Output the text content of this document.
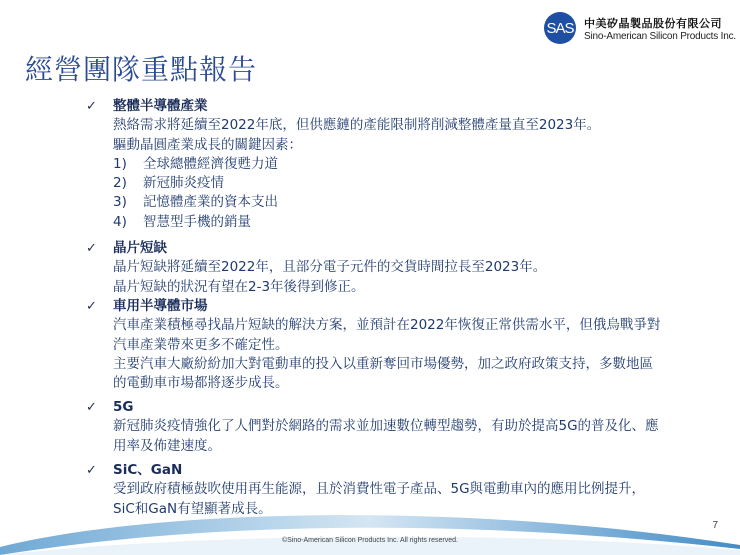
SAS 中美矽晶製品股份有限公司
Sino-American Silicon Products Inc.
經營團隊重點報告
✓	整體半導體產業
熱絡需求將延續至2022年底，但供應鏈的產能限制將削減整體產量直至2023年。
驅動晶圓產業成長的關鍵因素：
1)	全球總體經濟復甦力道
2)	新冠肺炎疫情
3)	記憶體產業的資本支出
4)	智慧型手機的銷量
✓	晶片短缺
晶片短缺將延續至2022年，且部分電子元件的交貨時間拉長至2023年。
晶片短缺的狀況有望在2-3年後得到修正。
✓	車用半導體市場
汽車產業積極尋找晶片短缺的解決方案，並預計在2022年恢復正常供需水平，但俄烏戰爭對
汽車產業帶來更多不確定性。
主要汽車大廠紛紛加大對電動車的投入以重新奪回市場優勢，加之政府政策支持，多數地區
的電動車市場都將逐步成長。
✓	5G
新冠肺炎疫情強化了人們對於網路的需求並加速數位轉型趨勢，有助於提高5G的普及化、應
用率及佈建速度。
✓	SiC、GaN
受到政府積極鼓吹使用再生能源，且於消費性電子產品、5G與電動車內的應用比例提升，
SiC和GaN有望顯著成長。
7
©Sino-American Silicon Products Inc. All rights reserved.
